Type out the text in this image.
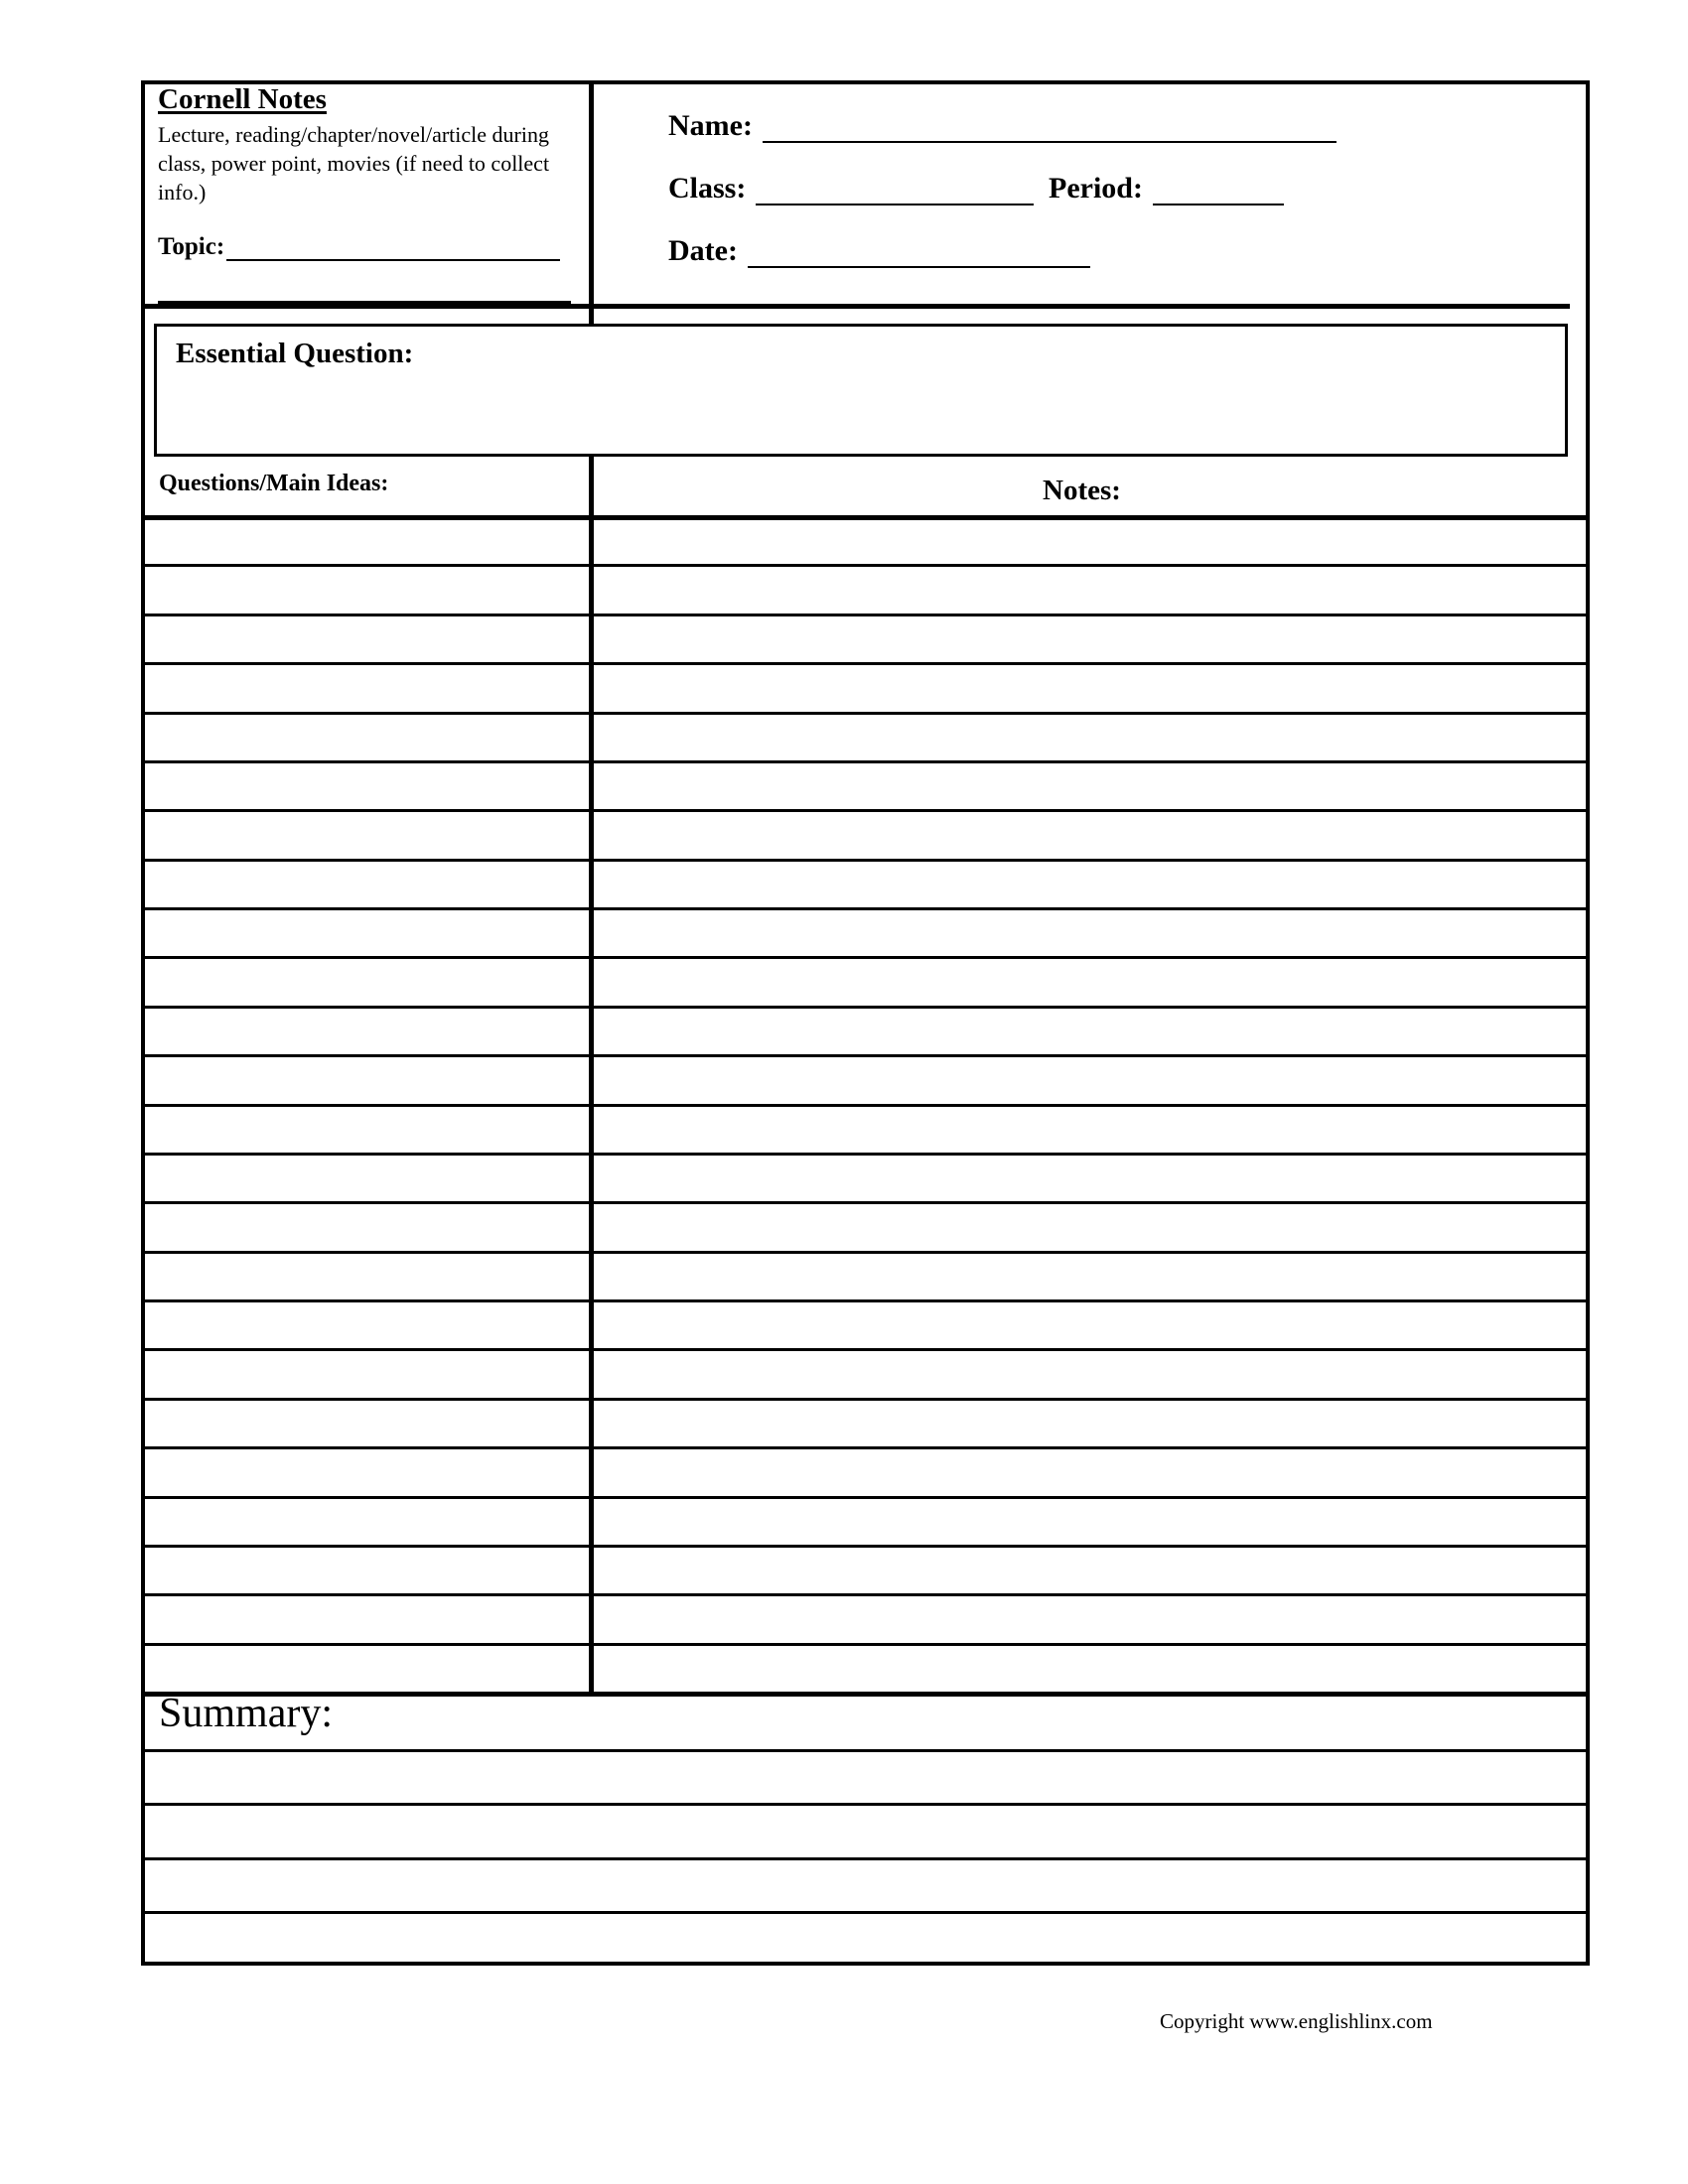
Cornell Notes
Lecture, reading/chapter/novel/article during class, power point, movies (if need to collect info.)
Topic:
Name:
Class:	Period:
Date:
Essential Question:
Questions/Main Ideas:	Notes:
Summary:
Copyright www.englishlinx.com
